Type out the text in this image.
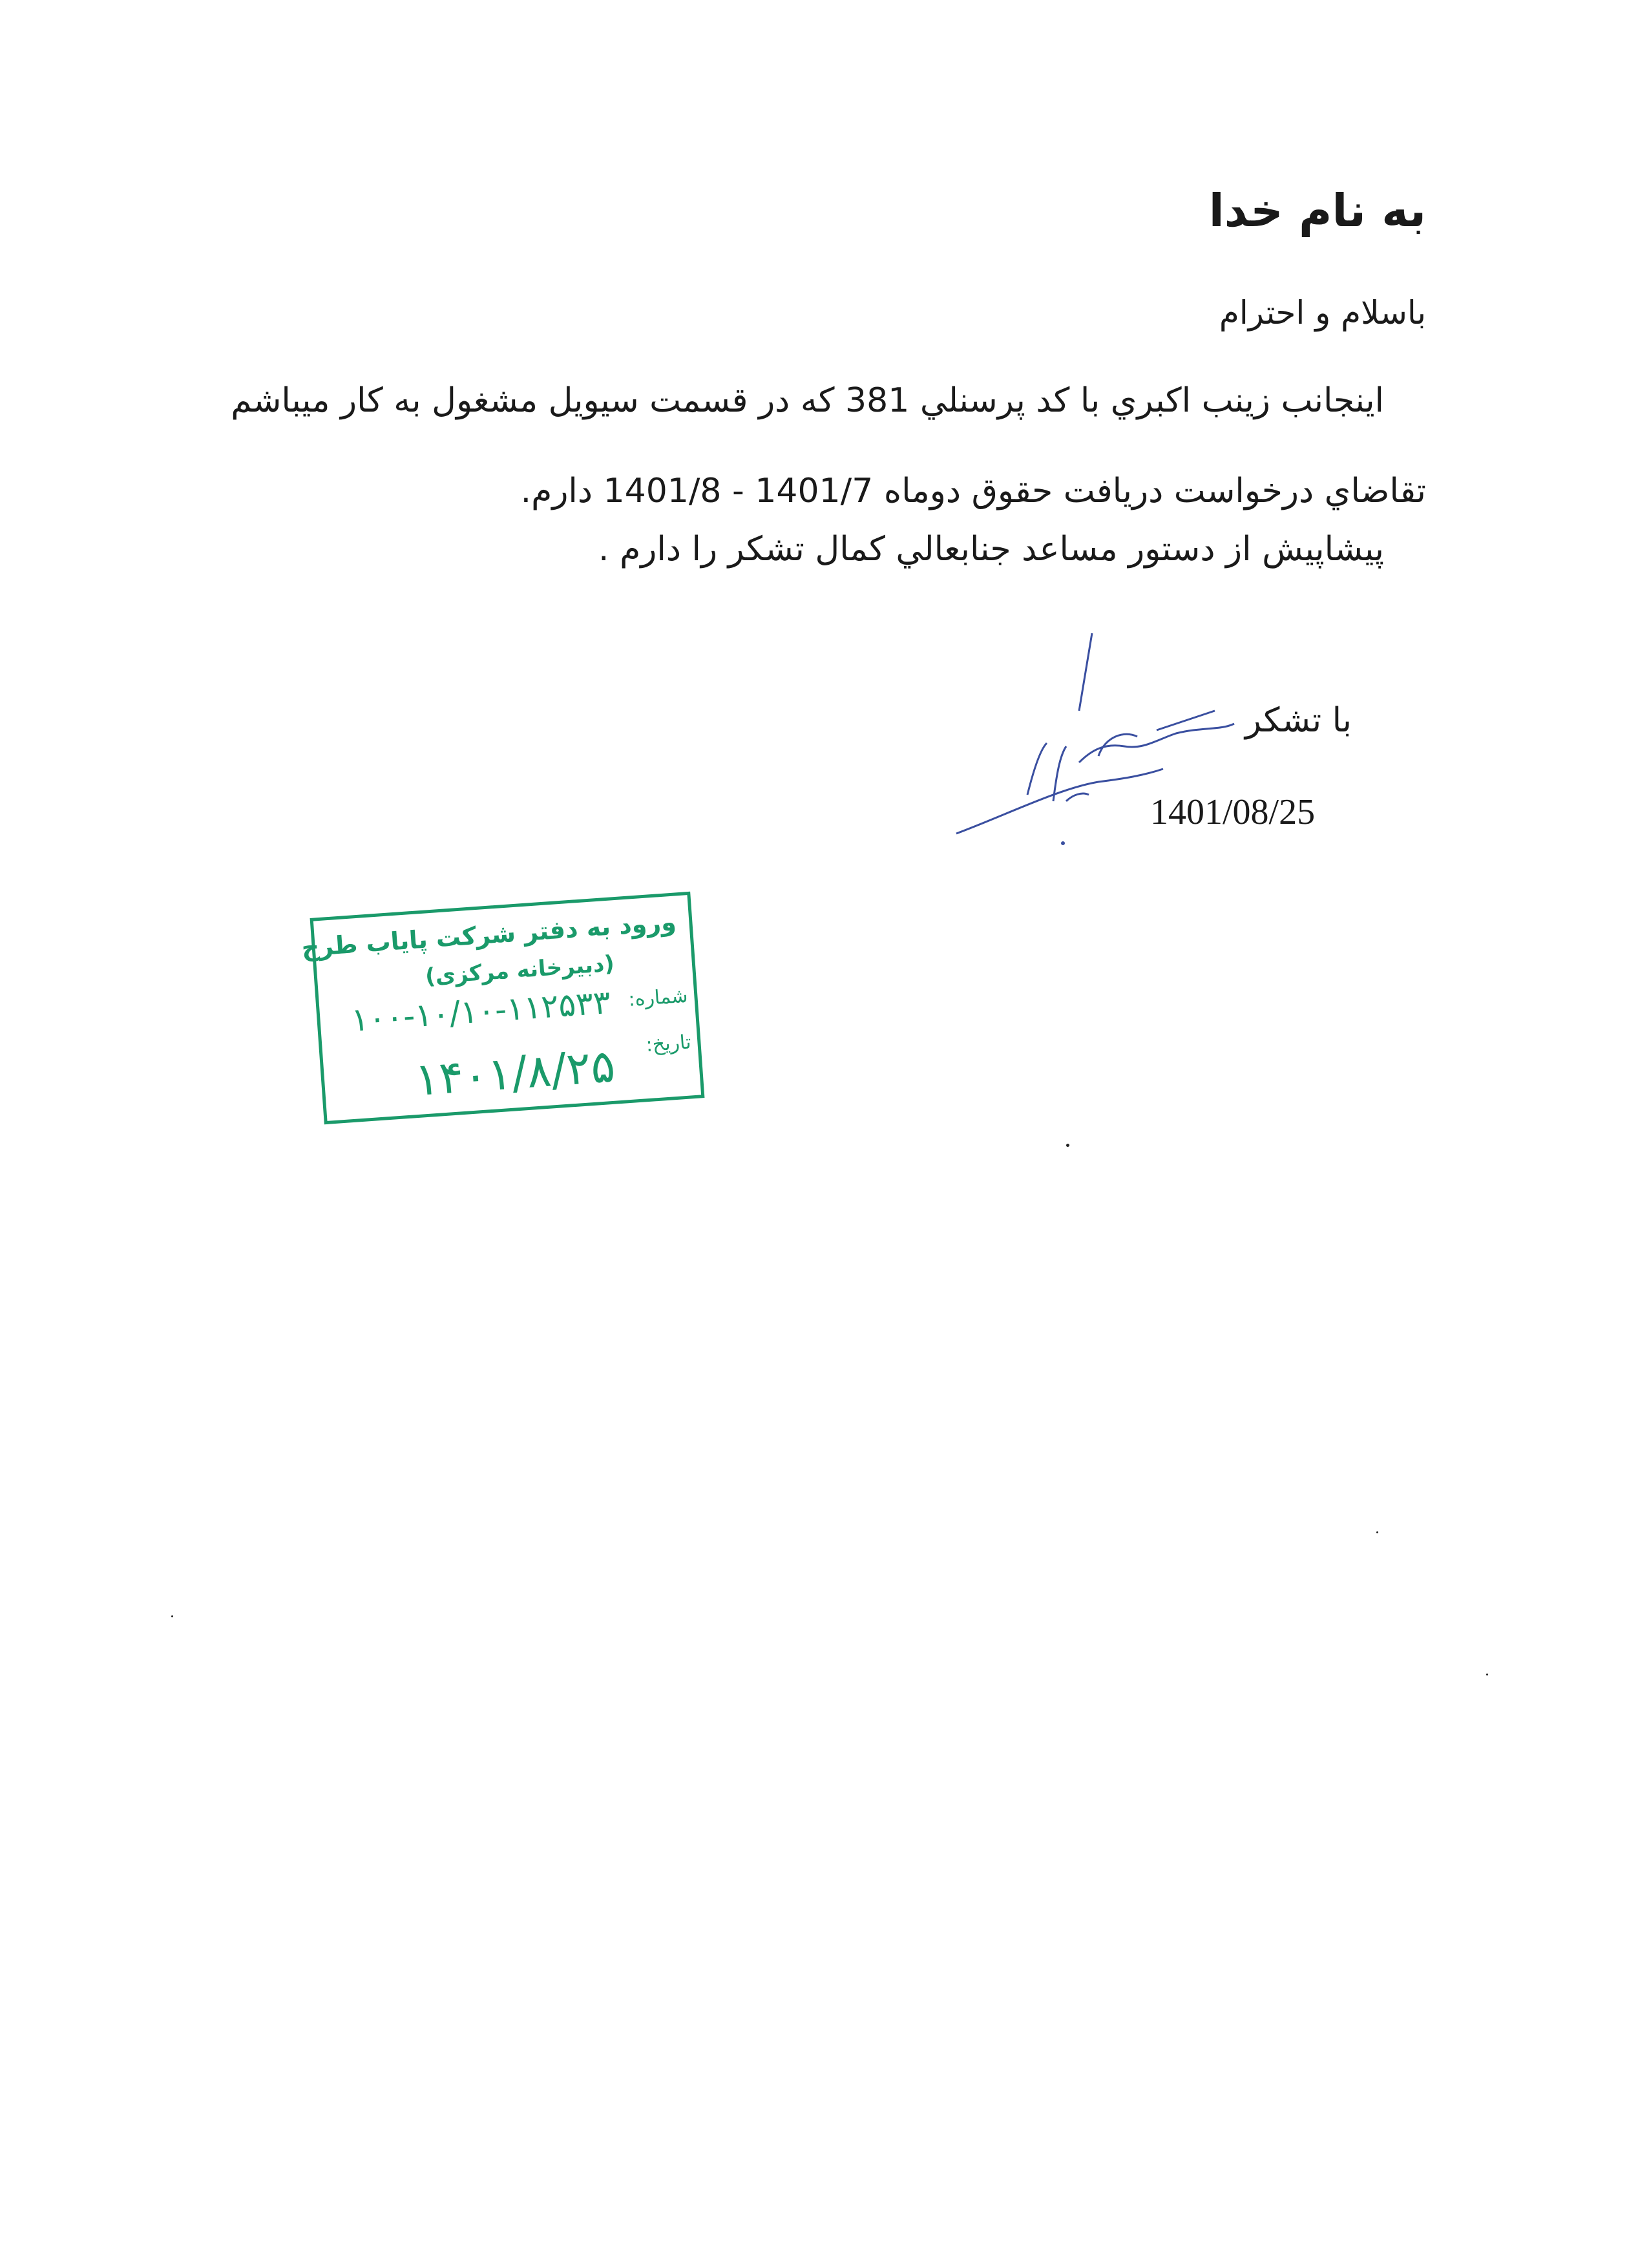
به نام خدا
باسلام و احترام
اينجانب زينب اكبري با كد پرسنلي 381 كه در قسمت سيويل مشغول به كار ميباشم
تقاضاي درخواست دريافت حقوق دوماه 1401/7 - 1401/8 دارم.
پيشاپيش از دستور مساعد جنابعالي كمال تشكر را دارم .
با تشكر
1401/08/25
ورود به دفتر شرکت پایاب طرح
(دبیرخانه مرکزی)
شماره:
۱۰۰-۱۰/۱۰-۱۱۲۵۳۳
تاریخ:
۱۴۰۱/۸/۲۵
